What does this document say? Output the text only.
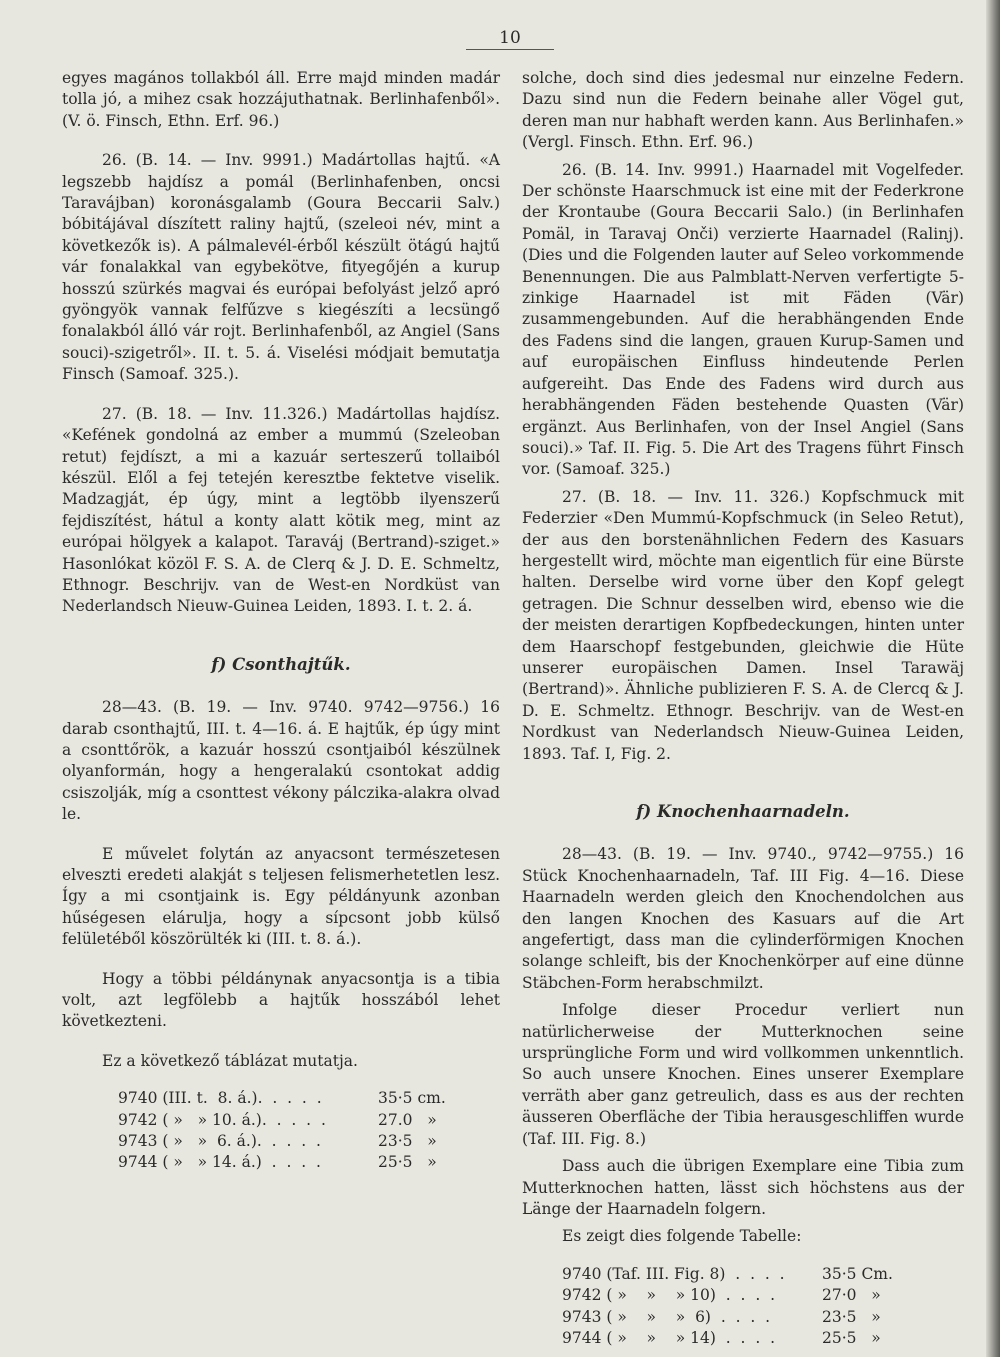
10

egyes magános tollakból áll. Erre majd minden madár tolla jó, a mihez csak hozzájuthatnak. Berlinhafenből». (V. ö. Finsch, Ethn. Erf. 96.)

26. (B. 14. — Inv. 9991.) Madártollas hajtű. «A legszebb hajdísz a pomál (Berlinhafenben, oncsi Taravájban) koronásgalamb (Goura Beccarii Salv.) bóbitájával díszített raliny hajtű, (szeleoi név, mint a következők is). A pálmalevél-érből készült ötágú hajtű vár fonalakkal van egybekötve, fityegőjén a kurup hosszú szürkés magvai és európai befolyást jelző apró gyöngyök vannak felfűzve s kiegészíti a lecsüngő fonalakból álló vár rojt. Berlinhafenből, az Angiel (Sans souci)-szigetről». II. t. 5. á. Viselési módjait bemutatja Finsch (Samoaf. 325.).

27. (B. 18. — Inv. 11.326.) Madártollas hajdísz. «Kefének gondolná az ember a mummú (Szeleoban retut) fejdíszt, a mi a kazuár serteszerű tollaiból készül. Elől a fej tetején keresztbe fektetve viselik. Madzagját, ép úgy, mint a legtöbb ilyenszerű fejdiszítést, hátul a konty alatt kötik meg, mint az európai hölgyek a kalapot. Taraváj (Bertrand)-sziget.» Hasonlókat közöl F. S. A. de Clerq & J. D. E. Schmeltz, Ethnogr. Beschrijv. van de West-en Nordküst van Nederlandsch Nieuw-Guinea Leiden, 1893. I. t. 2. á.

f) Csonthajtűk.

28—43. (B. 19. — Inv. 9740. 9742—9756.) 16 darab csonthajtű, III. t. 4—16. á. E hajtűk, ép úgy mint a csonttőrök, a kazuár hosszú csontjaiból készülnek olyanformán, hogy a hengeralakú csontokat addig csiszolják, míg a csonttest vékony pálczika-alakra olvad le.

E művelet folytán az anyacsont természetesen elveszti eredeti alakját s teljesen felismerhetetlen lesz. Így a mi csontjaink is. Egy példányunk azonban hűségesen elárulja, hogy a sípcsont jobb külső felületéből köszörülték ki (III. t. 8. á.).

Hogy a többi példánynak anyacsontja is a tibia volt, azt legfölebb a hajtűk hosszából lehet következteni.

Ez a következő táblázat mutatja.

9740 (III. t.  8. á.).  .  .  .  .	35·5 cm.
9742 ( »   » 10. á.).  .  .  .  .	27.0   »
9743 ( »   »  6. á.).  .  .  .  .	23·5   »
9744 ( »   » 14. á.)  .  .  .  .	25·5   »

solche, doch sind dies jedesmal nur einzelne Federn. Dazu sind nun die Federn beinahe aller Vögel gut, deren man nur habhaft werden kann. Aus Berlinhafen.» (Vergl. Finsch. Ethn. Erf. 96.)

26. (B. 14. Inv. 9991.) Haarnadel mit Vogelfeder. Der schönste Haarschmuck ist eine mit der Federkrone der Krontaube (Goura Beccarii Salo.) (in Berlinhafen Pomäl, in Taravaj Onči) verzierte Haarnadel (Ralinj). (Dies und die Folgenden lauter auf Seleo vorkommende Benennungen. Die aus Palmblatt-Nerven verfertigte 5-zinkige Haarnadel ist mit Fäden (Vär) zusammengebunden. Auf die herabhängenden Ende des Fadens sind die langen, grauen Kurup-Samen und auf europäischen Einfluss hindeutende Perlen aufgereiht. Das Ende des Fadens wird durch aus herabhängenden Fäden bestehende Quasten (Vär) ergänzt. Aus Berlinhafen, von der Insel Angiel (Sans souci).» Taf. II. Fig. 5. Die Art des Tragens führt Finsch vor. (Samoaf. 325.)

27. (B. 18. — Inv. 11. 326.) Kopfschmuck mit Federzier «Den Mummú-Kopfschmuck (in Seleo Retut), der aus den borstenähnlichen Federn des Kasuars hergestellt wird, möchte man eigentlich für eine Bürste halten. Derselbe wird vorne über den Kopf gelegt getragen. Die Schnur desselben wird, ebenso wie die der meisten derartigen Kopfbedeckungen, hinten unter dem Haarschopf festgebunden, gleichwie die Hüte unserer europäischen Damen. Insel Tarawäj (Bertrand)». Ähnliche publizieren F. S. A. de Clercq & J. D. E. Schmeltz. Ethnogr. Beschrijv. van de West-en Nordkust van Nederlandsch Nieuw-Guinea Leiden, 1893. Taf. I, Fig. 2.

f) Knochenhaarnadeln.

28—43. (B. 19. — Inv. 9740., 9742—9755.) 16 Stück Knochenhaarnadeln, Taf. III Fig. 4—16. Diese Haarnadeln werden gleich den Knochendolchen aus den langen Knochen des Kasuars auf die Art angefertigt, dass man die cylinderförmigen Knochen solange schleift, bis der Knochenkörper auf eine dünne Stäbchen-Form herabschmilzt.

Infolge dieser Procedur verliert nun natürlicherweise der Mutterknochen seine ursprüngliche Form und wird vollkommen unkenntlich. So auch unsere Knochen. Eines unserer Exemplare verräth aber ganz getreulich, dass es aus der rechten äusseren Oberfläche der Tibia herausgeschliffen wurde (Taf. III. Fig. 8.)

Dass auch die übrigen Exemplare eine Tibia zum Mutterknochen hatten, lässt sich höchstens aus der Länge der Haarnadeln folgern.

Es zeigt dies folgende Tabelle:

9740 (Taf. III. Fig. 8)  .  .  .  .	35·5 Cm.
9742 ( »    »    » 10)  .  .  .  .	27·0   »
9743 ( »    »    »  6)  .  .  .  .	23·5   »
9744 ( »    »    » 14)  .  .  .  .	25·5   »
